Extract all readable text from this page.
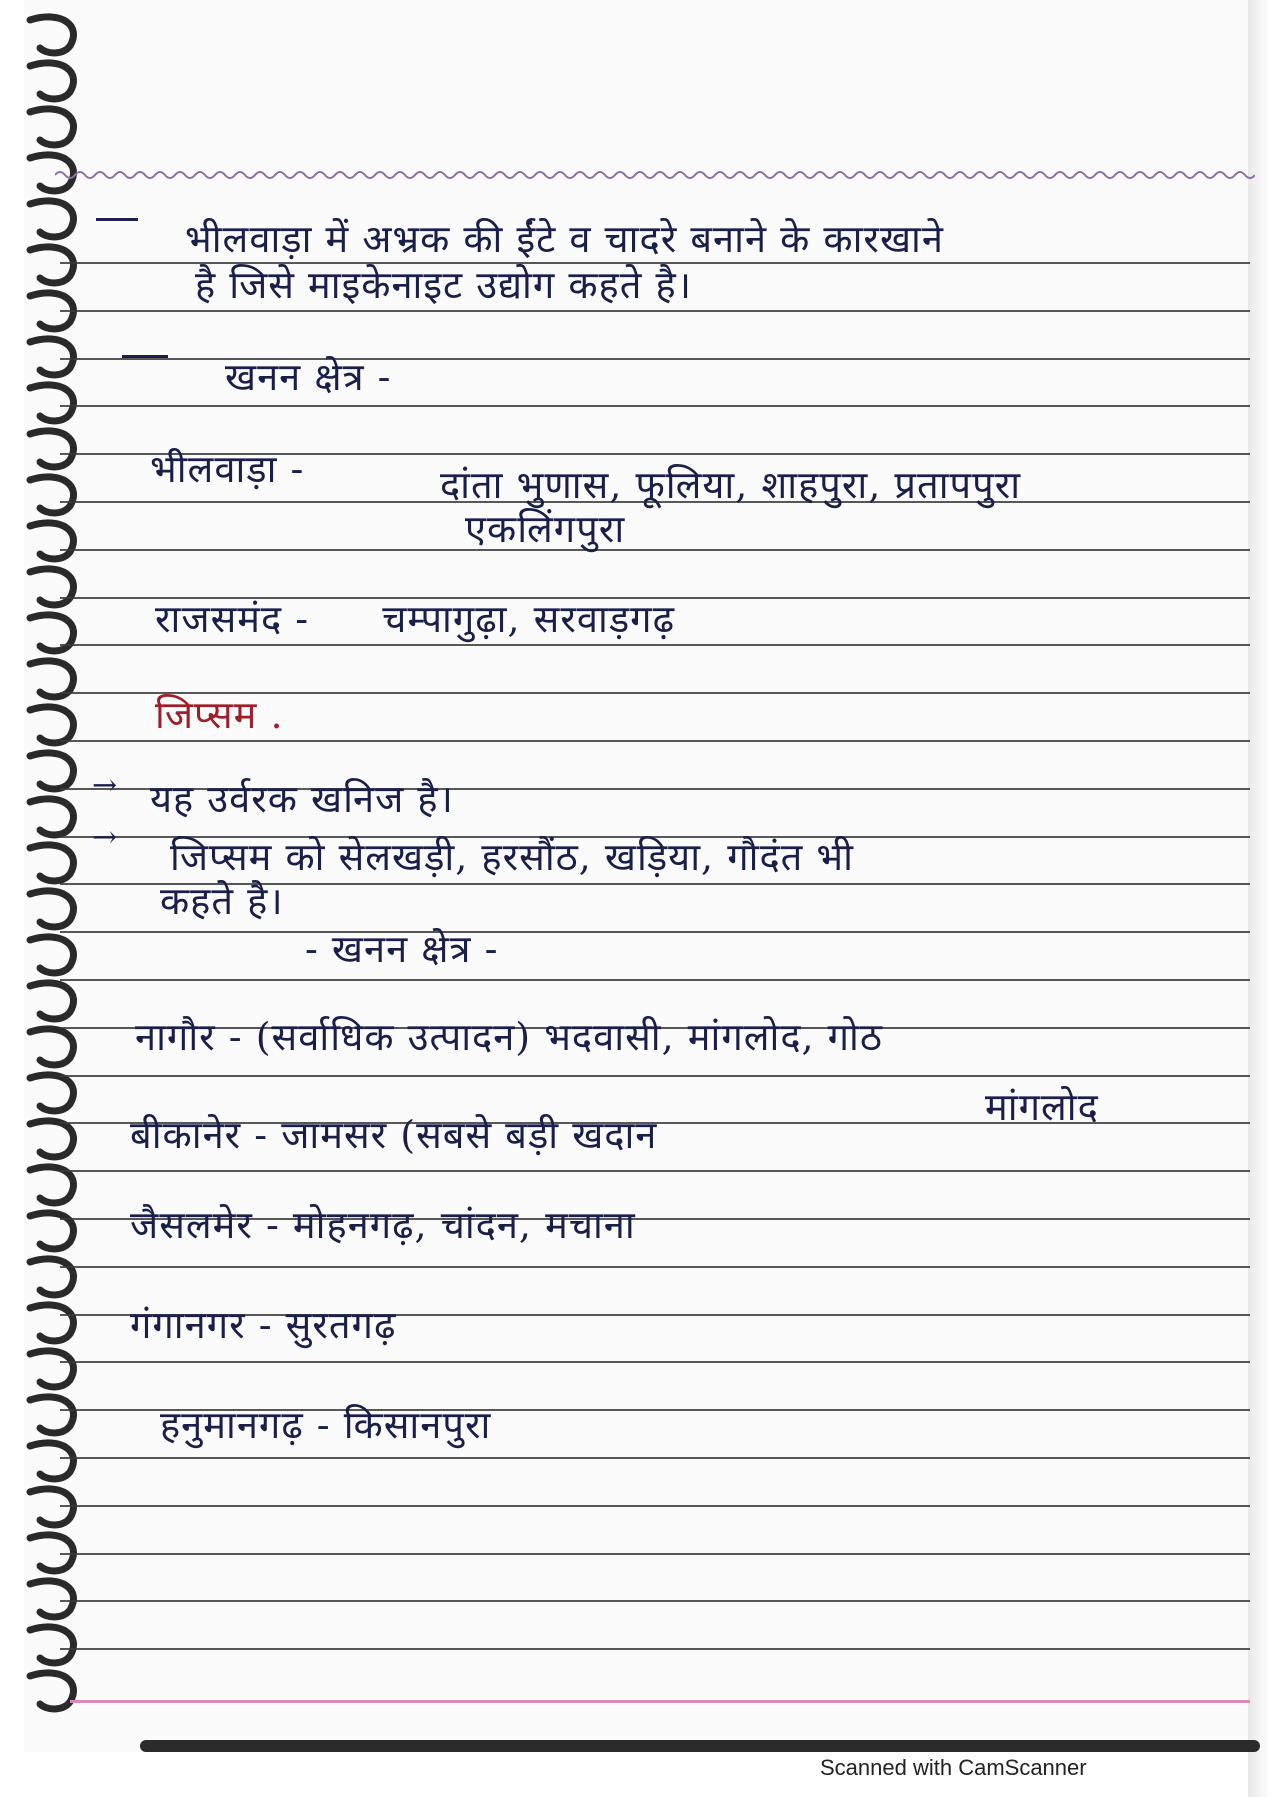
भीलवाड़ा में अभ्रक की ईंटे व चादरे बनाने के कारखाने
है जिसे माइकेनाइट उद्योग कहते है।
खनन क्षेत्र -
भीलवाड़ा -	दांता भुणास, फूलिया, शाहपुरा, प्रतापपुरा
एकलिंगपुरा
राजसमंद - चम्पागुढ़ा, सरवाड़गढ़
जिप्सम .
→ यह उर्वरक खनिज है।
→ जिप्सम को सेलखड़ी, हरसौंठ, खड़िया, गौदंत भी
कहते है।
- खनन क्षेत्र -
नागौर - (सर्वाधिक उत्पादन) भदवासी, मांगलोद, गोठ
मांगलोद
बीकानेर - जामसर (सबसे बड़ी खदान
जैसलमेर - मोहनगढ़, चांदन, मचाना
गंगानगर - सुरतगढ़
हनुमानगढ़ - किसानपुरा
Scanned with CamScanner
